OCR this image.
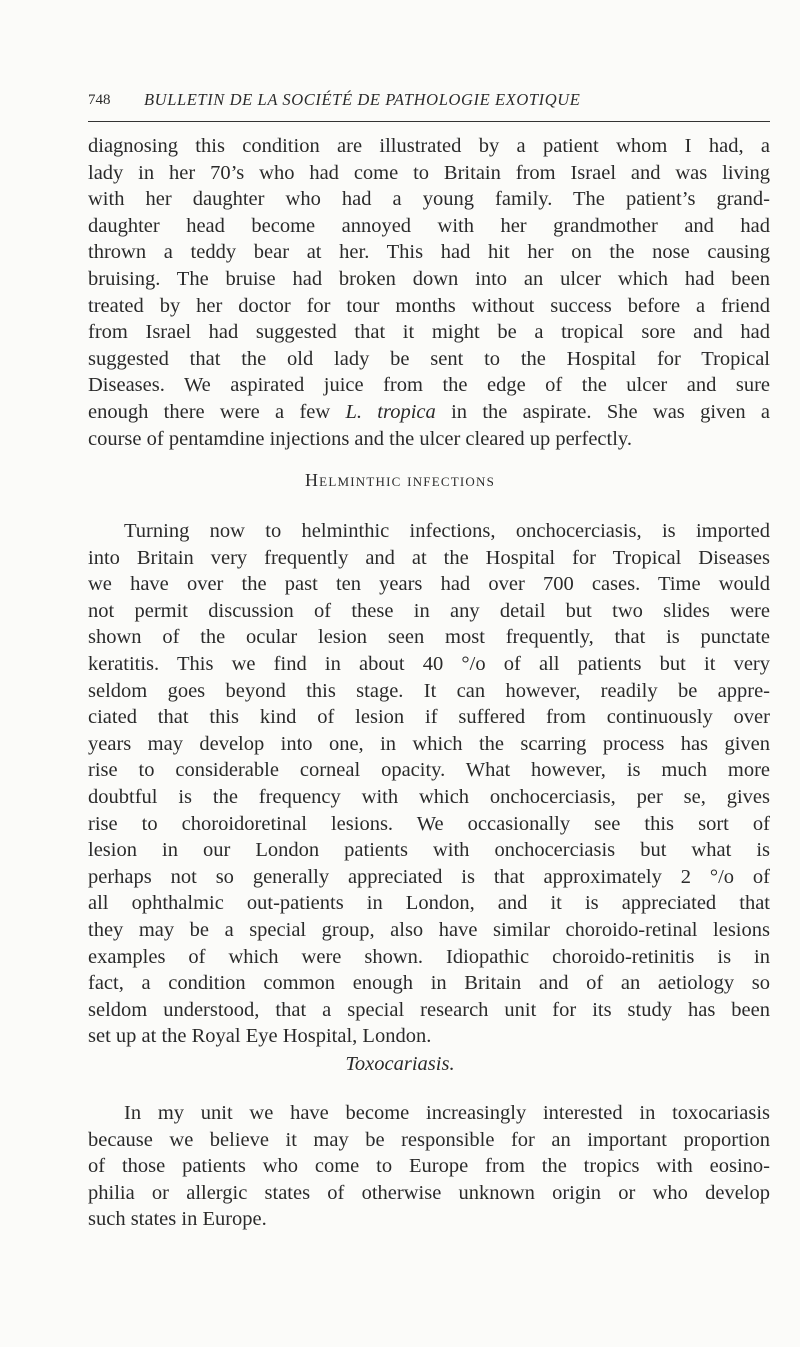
748 BULLETIN DE LA SOCIÉTÉ DE PATHOLOGIE EXOTIQUE
diagnosing this condition are illustrated by a patient whom I had, a
lady in her 70’s who had come to Britain from Israel and was living
with her daughter who had a young family. The patient’s grand-
daughter head become annoyed with her grandmother and had
thrown a teddy bear at her. This had hit her on the nose causing
bruising. The bruise had broken down into an ulcer which had been
treated by her doctor for tour months without success before a friend
from Israel had suggested that it might be a tropical sore and had
suggested that the old lady be sent to the Hospital for Tropical
Diseases. We aspirated juice from the edge of the ulcer and sure
enough there were a few L. tropica in the aspirate. She was given a
course of pentamdine injections and the ulcer cleared up perfectly.
Helminthic infections
Turning now to helminthic infections, onchocerciasis, is imported
into Britain very frequently and at the Hospital for Tropical Diseases
we have over the past ten years had over 700 cases. Time would
not permit discussion of these in any detail but two slides were
shown of the ocular lesion seen most frequently, that is punctate
keratitis. This we find in about 40 °/o of all patients but it very
seldom goes beyond this stage. It can however, readily be appre-
ciated that this kind of lesion if suffered from continuously over
years may develop into one, in which the scarring process has given
rise to considerable corneal opacity. What however, is much more
doubtful is the frequency with which onchocerciasis, per se, gives
rise to choroidoretinal lesions. We occasionally see this sort of
lesion in our London patients with onchocerciasis but what is
perhaps not so generally appreciated is that approximately 2 °/o of
all ophthalmic out-patients in London, and it is appreciated that
they may be a special group, also have similar choroido-retinal lesions
examples of which were shown. Idiopathic choroido-retinitis is in
fact, a condition common enough in Britain and of an aetiology so
seldom understood, that a special research unit for its study has been
set up at the Royal Eye Hospital, London.
Toxocariasis.
In my unit we have become increasingly interested in toxocariasis
because we believe it may be responsible for an important proportion
of those patients who come to Europe from the tropics with eosino-
philia or allergic states of otherwise unknown origin or who develop
such states in Europe.
